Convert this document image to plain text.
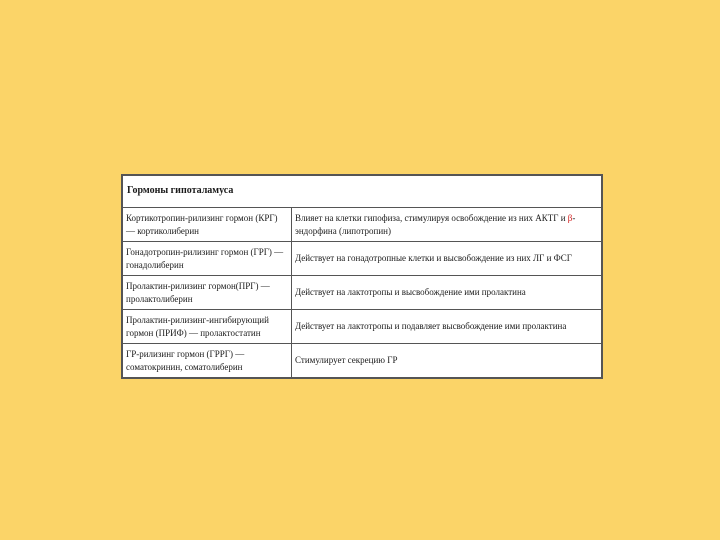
Гормоны гипоталамуса	
Кортикотропин-рилизинг гормон (КРГ) — кортиколиберин	Влияет на клетки гипофиза, стимулируя освобождение из них АКТГ и β-эндорфина (липотропин)
Гонадотропин-рилизинг гормон (ГРГ) — гонадолиберин	Действует на гонадотропные клетки и высвобождение из них ЛГ и ФСГ
Пролактин-рилизинг гормон(ПРГ) — пролактолиберин	Действует на лактотропы и высвобождение ими пролактина
Пролактин-рилизинг-ингибирующий гормон (ПРИФ) — пролактостатин	Действует на лактотропы и подавляет высвобождение ими пролактина
ГР-рилизинг гормон (ГРРГ) — соматокринин, соматолиберин	Стимулирует секрецию ГР
